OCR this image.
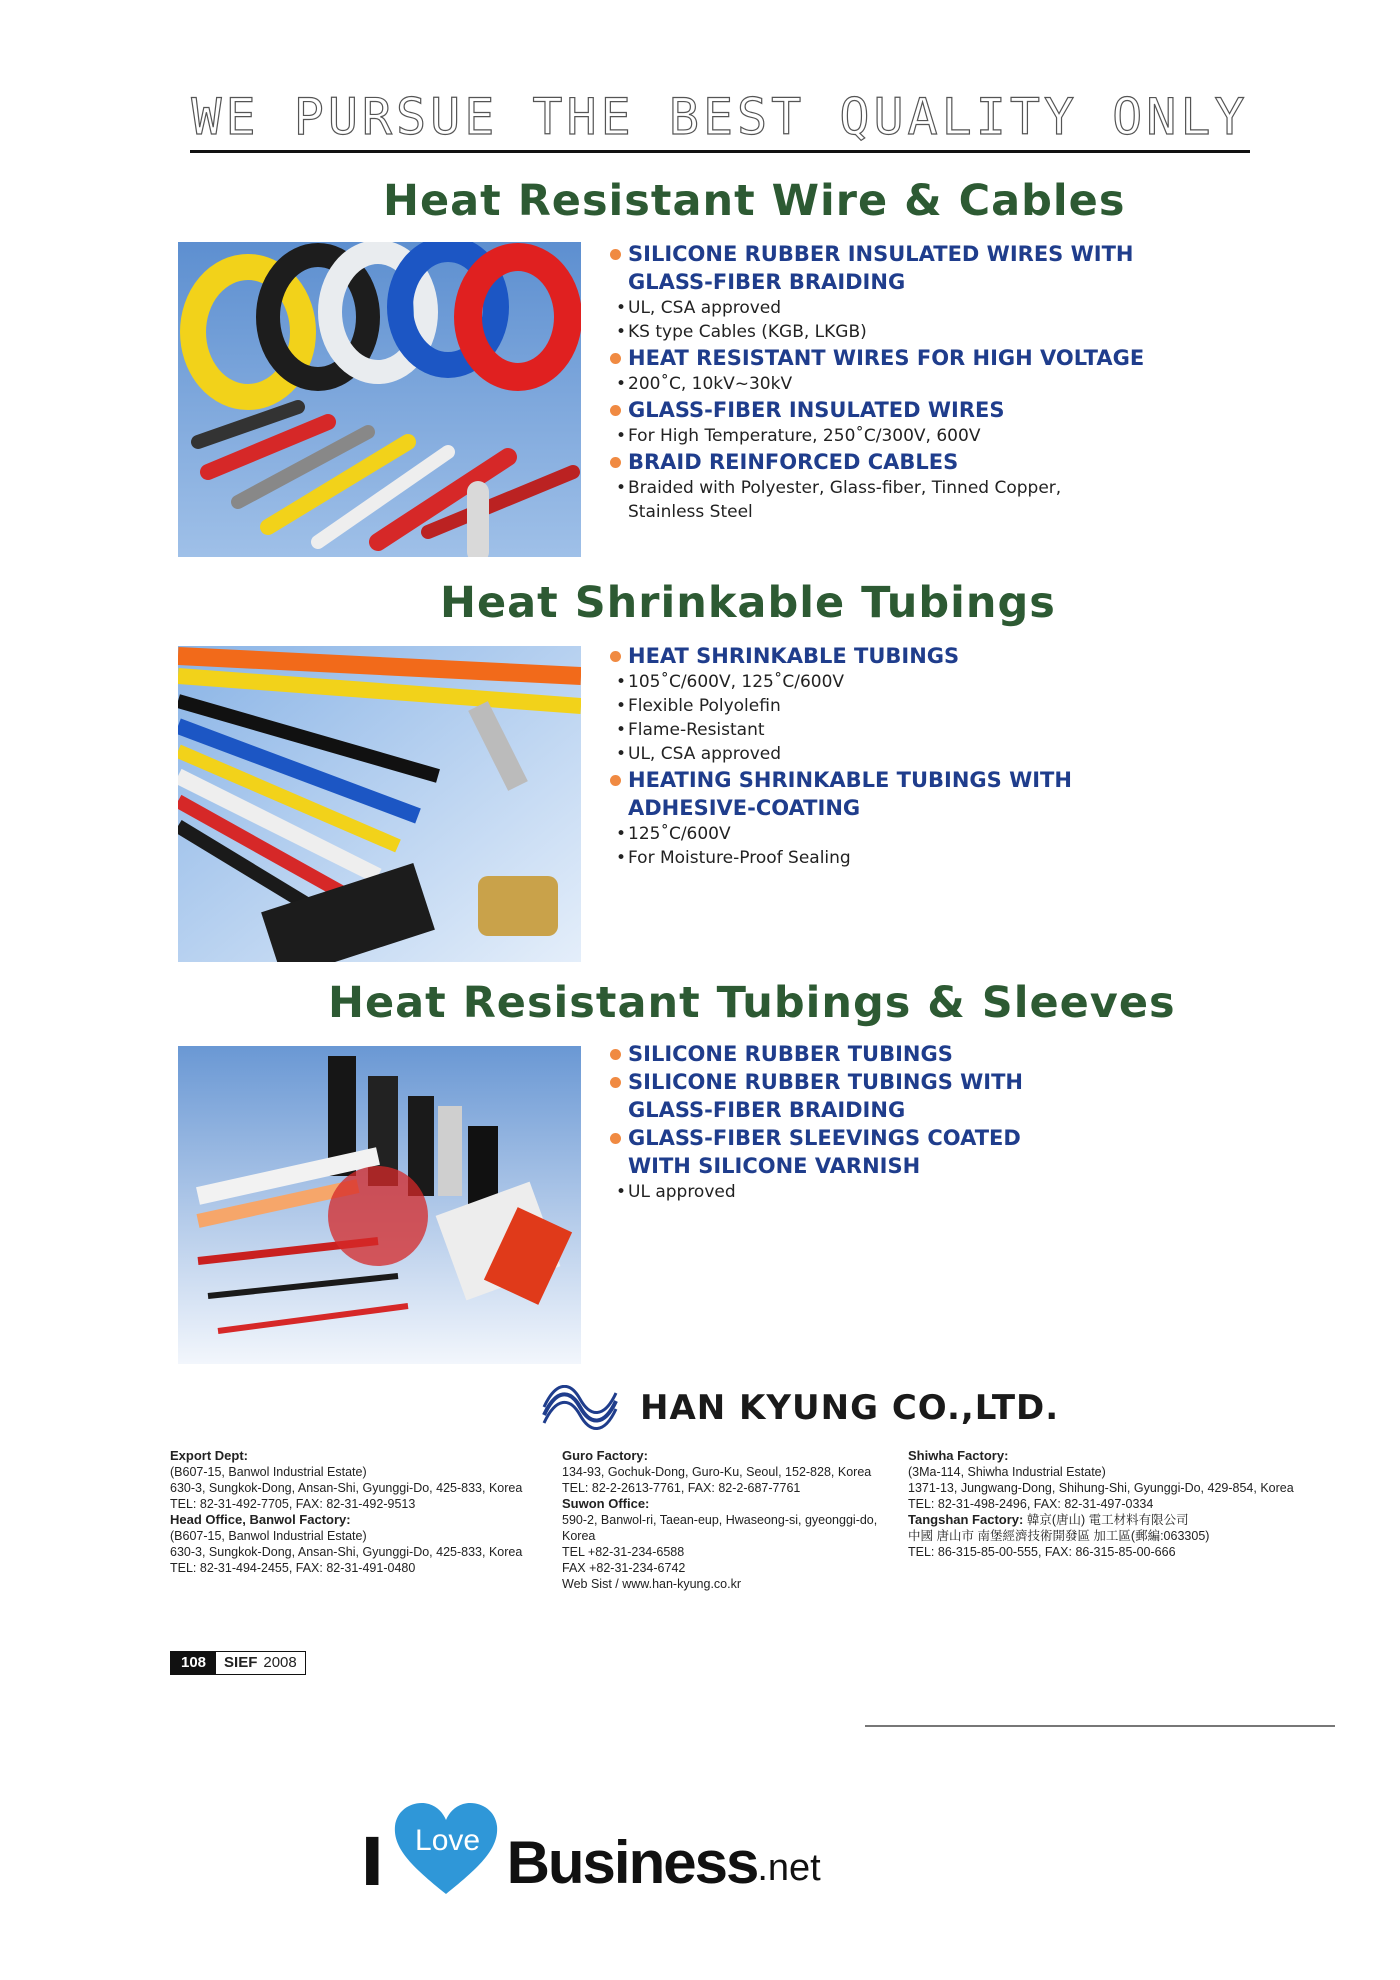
WE PURSUE THE BEST QUALITY ONLY
Heat Resistant Wire & Cables
SILICONE RUBBER INSULATED WIRES WITH GLASS-FIBER BRAIDING
• UL, CSA approved
• KS type Cables (KGB, LKGB)
HEAT RESISTANT WIRES FOR HIGH VOLTAGE
• 200˚C, 10kV~30kV
GLASS-FIBER INSULATED WIRES
• For High Temperature, 250˚C/300V, 600V
BRAID REINFORCED CABLES
• Braided with Polyester, Glass-fiber, Tinned Copper, Stainless Steel
Heat Shrinkable Tubings
HEAT SHRINKABLE TUBINGS
• 105˚C/600V, 125˚C/600V
• Flexible Polyolefin
• Flame-Resistant
• UL, CSA approved
HEATING SHRINKABLE TUBINGS WITH ADHESIVE-COATING
• 125˚C/600V
• For Moisture-Proof Sealing
Heat Resistant Tubings & Sleeves
SILICONE RUBBER TUBINGS
SILICONE RUBBER TUBINGS WITH GLASS-FIBER BRAIDING
GLASS-FIBER SLEEVINGS COATED WITH SILICONE VARNISH
• UL approved
HAN KYUNG CO.,LTD.
Export Dept:
(B607-15, Banwol Industrial Estate)
630-3, Sungkok-Dong, Ansan-Shi, Gyunggi-Do, 425-833, Korea
TEL: 82-31-492-7705, FAX: 82-31-492-9513
Head Office, Banwol Factory:
(B607-15, Banwol Industrial Estate)
630-3, Sungkok-Dong, Ansan-Shi, Gyunggi-Do, 425-833, Korea
TEL: 82-31-494-2455, FAX: 82-31-491-0480
Guro Factory:
134-93, Gochuk-Dong, Guro-Ku, Seoul, 152-828, Korea
TEL: 82-2-2613-7761, FAX: 82-2-687-7761
Suwon Office:
590-2, Banwol-ri, Taean-eup, Hwaseong-si, gyeonggi-do, Korea
TEL +82-31-234-6588
FAX +82-31-234-6742
Web Sist / www.han-kyung.co.kr
Shiwha Factory:
(3Ma-114, Shiwha Industrial Estate)
1371-13, Jungwang-Dong, Shihung-Shi, Gyunggi-Do, 429-854, Korea
TEL: 82-31-498-2496, FAX: 82-31-497-0334
Tangshan Factory: 韓京(唐山) 電工材料有限公司
中國 唐山市 南堡經濟技術開發區 加工區(郵編:063305)
TEL: 86-315-85-00-555, FAX: 86-315-85-00-666
108	SIEF 2008
I	Love Business .net
